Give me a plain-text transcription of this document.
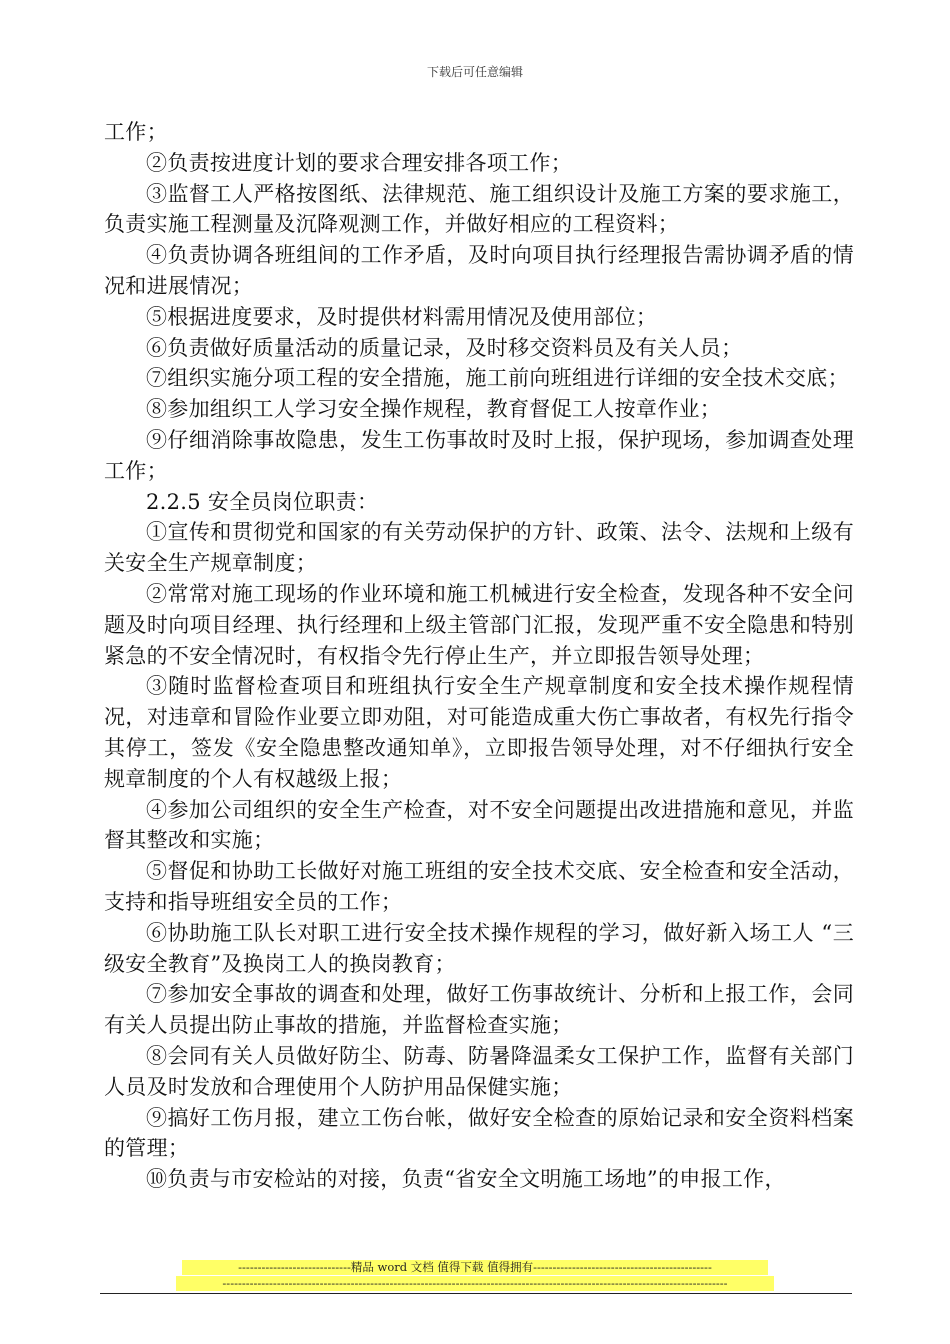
下载后可任意编辑

工作；

②负责按进度计划的要求合理安排各项工作；

③监督工人严格按图纸、法律规范、施工组织设计及施工方案的要求施工，负责实施工程测量及沉降观测工作，并做好相应的工程资料；

④负责协调各班组间的工作矛盾，及时向项目执行经理报告需协调矛盾的情况和进展情况；

⑤根据进度要求，及时提供材料需用情况及使用部位；

⑥负责做好质量活动的质量记录，及时移交资料员及有关人员；

⑦组织实施分项工程的安全措施，施工前向班组进行详细的安全技术交底；

⑧参加组织工人学习安全操作规程，教育督促工人按章作业；

⑨仔细消除事故隐患，发生工伤事故时及时上报，保护现场，参加调查处理工作；

2.2.5 安全员岗位职责：

①宣传和贯彻党和国家的有关劳动保护的方针、政策、法令、法规和上级有关安全生产规章制度；

②常常对施工现场的作业环境和施工机械进行安全检查，发现各种不安全问题及时向项目经理、执行经理和上级主管部门汇报，发现严重不安全隐患和特别紧急的不安全情况时，有权指令先行停止生产，并立即报告领导处理；

③随时监督检查项目和班组执行安全生产规章制度和安全技术操作规程情况，对违章和冒险作业要立即劝阻，对可能造成重大伤亡事故者，有权先行指令其停工，签发《安全隐患整改通知单》，立即报告领导处理，对不仔细执行安全规章制度的个人有权越级上报；

④参加公司组织的安全生产检查，对不安全问题提出改进措施和意见，并监督其整改和实施；

⑤督促和协助工长做好对施工班组的安全技术交底、安全检查和安全活动，支持和指导班组安全员的工作；

⑥协助施工队长对职工进行安全技术操作规程的学习，做好新入场工人 “三级安全教育”及换岗工人的换岗教育；

⑦参加安全事故的调查和处理，做好工伤事故统计、分析和上报工作，会同有关人员提出防止事故的措施，并监督检查实施；

⑧会同有关人员做好防尘、防毒、防暑降温柔女工保护工作，监督有关部门人员及时发放和合理使用个人防护用品保健实施；

⑨搞好工伤月报，建立工伤台帐，做好安全检查的原始记录和安全资料档案的管理；

⑩负责与市安检站的对接，负责“省安全文明施工场地”的申报工作，

-----------------------------精品 word 文档 值得下载 值得拥有----------------------------------------------
----------------------------------------------------------------------------------------------------------------------------------
